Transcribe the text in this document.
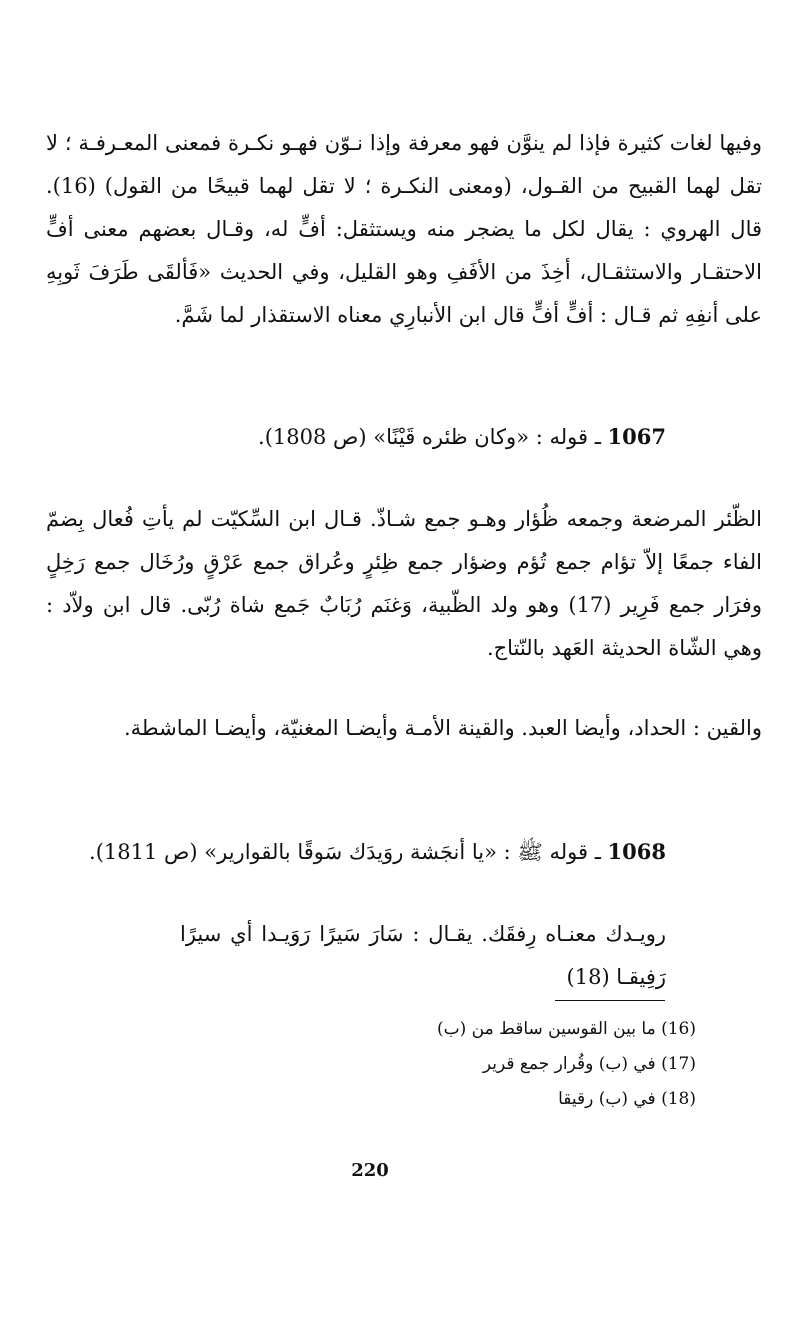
وفيها لغات كثيرة فإذا لم ينوَّن فهو معرفة وإذا نـوّن فهـو نكـرة فمعنى المعـرفـة ؛ لا تقل لهما القبيح من القـول، (ومعنى النكـرة ؛ لا تقل لهما قبيحًا من القول) (16). قال الهروي : يقال لكل ما يضجر منه ويستثقل: أفٍّ له، وقـال بعضهم معنى أفٍّ الاحتقـار والاستثقـال، أخِذَ من الأفَفِ وهو القليل، وفي الحديث «فَألقَى طَرَفَ ثَوبِهِ على أنفِهِ ثم قـال : أفٍّ أفٍّ قال ابن الأنبارِي معناه الاستقذار لما شَمَّ.

1067 ـ قوله : «وكان ظئره قَيْنًا» (ص 1808).

الظّئر المرضعة وجمعه ظُؤار وهـو جمع شـاذّ. قـال ابن السِّكيّت لم يأتِ فُعال بِضمّ الفاء جمعًا إلاّ تؤام جمع تُؤم وضؤار جمع ظِئرٍ وعُراق جمع عَرْقٍ ورُخَال جمع رَخِلٍ وفرَار جمع فَرِير (17) وهو ولد الظّبية، وَغنَم رُبَابٌ جَمع شاة رُبّى. قال ابن ولاّد : وهي الشّاة الحديثة العَهد بالنّتاج.

والقين : الحداد، وأيضا العبد. والقينة الأمـة وأيضـا المغنيّة، وأيضـا الماشطة.

1068 ـ قوله ﷺ : «يا أنجَشة روَيدَك سَوقًا بالقوارير» (ص 1811).

رويـدك معنـاه رِفقَك. يقـال : سَارَ سَيرًا رَوَيـدا أي سيرًا رَفِيقـا (18)

(16) ما بين القوسين ساقط من (ب)
(17) في (ب) وقُرار جمع قرير
(18) في (ب) رقيقا
220
